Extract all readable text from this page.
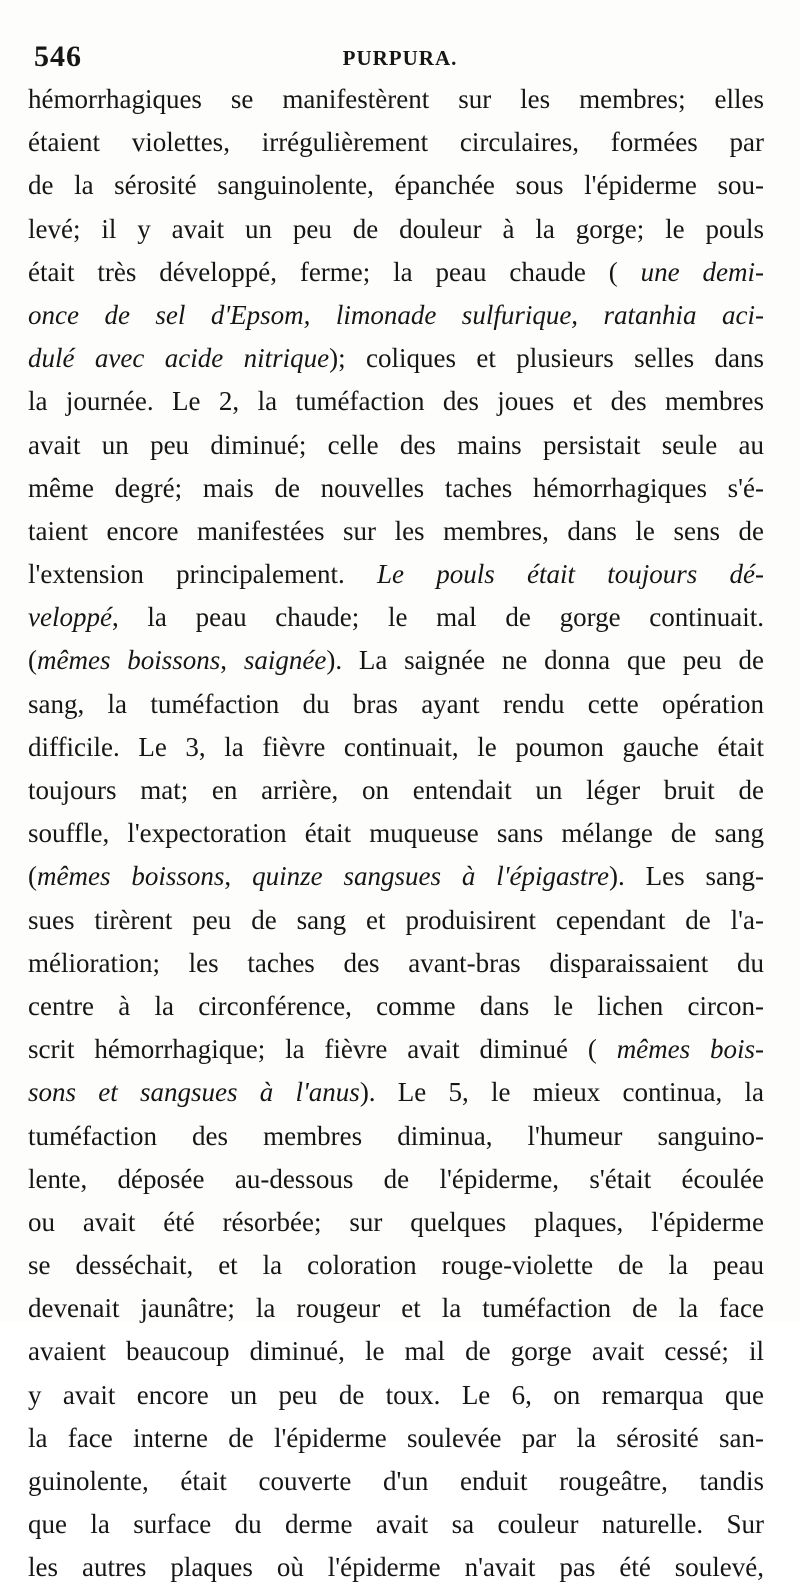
546	PURPURA.
hémorrhagiques se manifestèrent sur les membres; elles
étaient violettes, irrégulièrement circulaires, formées par
de la sérosité sanguinolente, épanchée sous l'épiderme sou-
levé; il y avait un peu de douleur à la gorge; le pouls
était très développé, ferme; la peau chaude ( une demi-
once de sel d'Epsom, limonade sulfurique, ratanhia aci-
dulé avec acide nitrique); coliques et plusieurs selles dans
la journée. Le 2, la tuméfaction des joues et des membres
avait un peu diminué; celle des mains persistait seule au
même degré; mais de nouvelles taches hémorrhagiques s'é-
taient encore manifestées sur les membres, dans le sens de
l'extension principalement. Le pouls était toujours dé-
veloppé, la peau chaude; le mal de gorge continuait.
(mêmes boissons, saignée). La saignée ne donna que peu de
sang, la tuméfaction du bras ayant rendu cette opération
difficile. Le 3, la fièvre continuait, le poumon gauche était
toujours mat; en arrière, on entendait un léger bruit de
souffle, l'expectoration était muqueuse sans mélange de sang
(mêmes boissons, quinze sangsues à l'épigastre). Les sang-
sues tirèrent peu de sang et produisirent cependant de l'a-
mélioration; les taches des avant-bras disparaissaient du
centre à la circonférence, comme dans le lichen circon-
scrit hémorrhagique; la fièvre avait diminué ( mêmes bois-
sons et sangsues à l'anus). Le 5, le mieux continua, la
tuméfaction des membres diminua, l'humeur sanguino-
lente, déposée au-dessous de l'épiderme, s'était écoulée
ou avait été résorbée; sur quelques plaques, l'épiderme
se desséchait, et la coloration rouge-violette de la peau
devenait jaunâtre; la rougeur et la tuméfaction de la face
avaient beaucoup diminué, le mal de gorge avait cessé; il
y avait encore un peu de toux. Le 6, on remarqua que
la face interne de l'épiderme soulevée par la sérosité san-
guinolente, était couverte d'un enduit rougeâtre, tandis
que la surface du derme avait sa couleur naturelle. Sur
les autres plaques où l'épiderme n'avait pas été soulevé,
